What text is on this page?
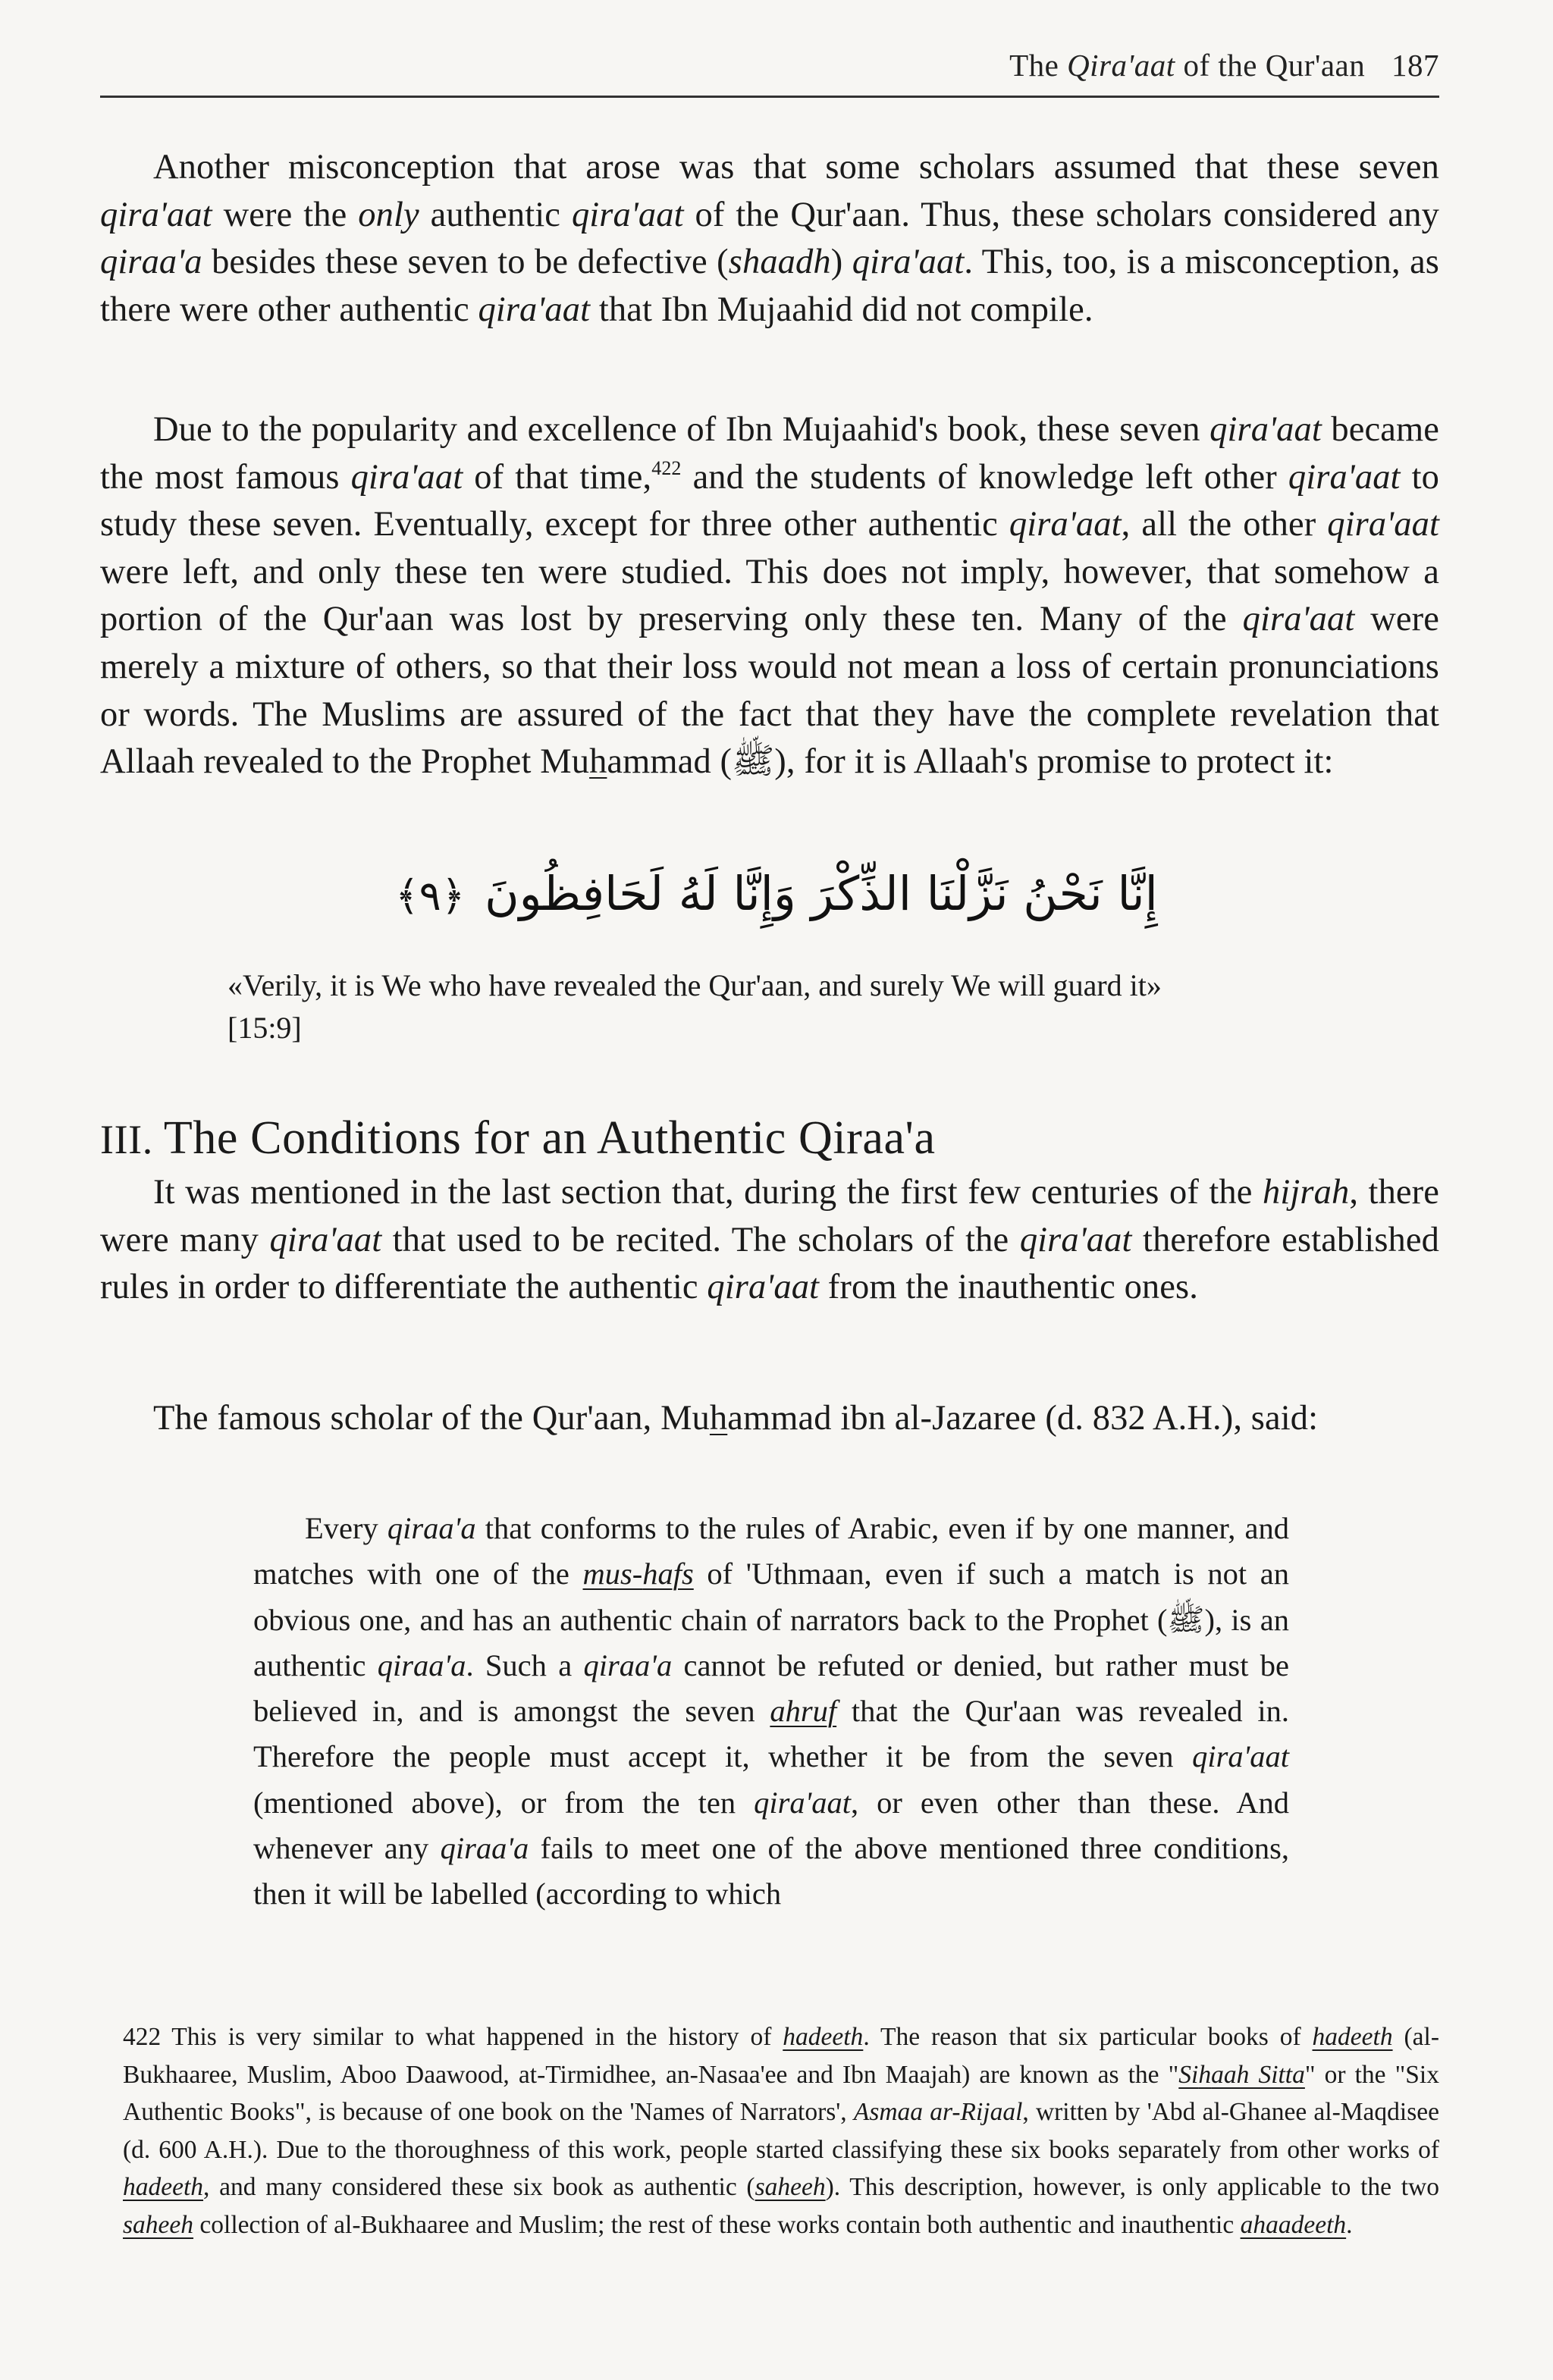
The Qira'aat of the Qur'aan 187

Another misconception that arose was that some scholars assumed that these seven qira'aat were the only authentic qira'aat of the Qur'aan. Thus, these scholars considered any qiraa'a besides these seven to be defective (shaadh) qira'aat. This, too, is a misconception, as there were other authentic qira'aat that Ibn Mujaahid did not compile.

Due to the popularity and excellence of Ibn Mujaahid's book, these seven qira'aat became the most famous qira'aat of that time,$^{422}$ and the students of knowledge left other qira'aat to study these seven. Eventually, except for three other authentic qira'aat, all the other qira'aat were left, and only these ten were studied. This does not imply, however, that somehow a portion of the Qur'aan was lost by preserving only these ten. Many of the qira'aat were merely a mixture of others, so that their loss would not mean a loss of certain pronunciations or words. The Muslims are assured of the fact that they have the complete revelation that Allaah revealed to the Prophet Muhammad (ﷺ), for it is Allaah's promise to protect it:

إِنَّا نَحْنُ نَزَّلْنَا الذِّكْرَ وَإِنَّا لَهُ لَحَافِظُونَ ﴿٩﴾
«Verily, it is We who have revealed the Qur'aan, and surely We will guard it»
[15:9]
III. The Conditions for an Authentic Qiraa'a

It was mentioned in the last section that, during the first few centuries of the hijrah, there were many qira'aat that used to be recited. The scholars of the qira'aat therefore established rules in order to differentiate the authentic qira'aat from the inauthentic ones.

The famous scholar of the Qur'aan, Muhammad ibn al-Jazaree (d. 832 A.H.), said:

Every qiraa'a that conforms to the rules of Arabic, even if by one manner, and matches with one of the mus-hafs of 'Uthmaan, even if such a match is not an obvious one, and has an authentic chain of narrators back to the Prophet (ﷺ), is an authentic qiraa'a. Such a qiraa'a cannot be refuted or denied, but rather must be believed in, and is amongst the seven ahruf that the Qur'aan was revealed in. Therefore the people must accept it, whether it be from the seven qira'aat (mentioned above), or from the ten qira'aat, or even other than these. And whenever any qiraa'a fails to meet one of the above mentioned three conditions, then it will be labelled (according to which

422 This is very similar to what happened in the history of hadeeth. The reason that six particular books of hadeeth (al-Bukhaaree, Muslim, Aboo Daawood, at-Tirmidhee, an-Nasaa'ee and Ibn Maajah) are known as the "Sihaah Sitta" or the "Six Authentic Books", is because of one book on the 'Names of Narrators', Asmaa ar-Rijaal, written by 'Abd al-Ghanee al-Maqdisee (d. 600 A.H.). Due to the thoroughness of this work, people started classifying these six books separately from other works of hadeeth, and many considered these six book as authentic (saheeh). This description, however, is only applicable to the two saheeh collection of al-Bukhaaree and Muslim; the rest of these works contain both authentic and inauthentic ahaadeeth.
